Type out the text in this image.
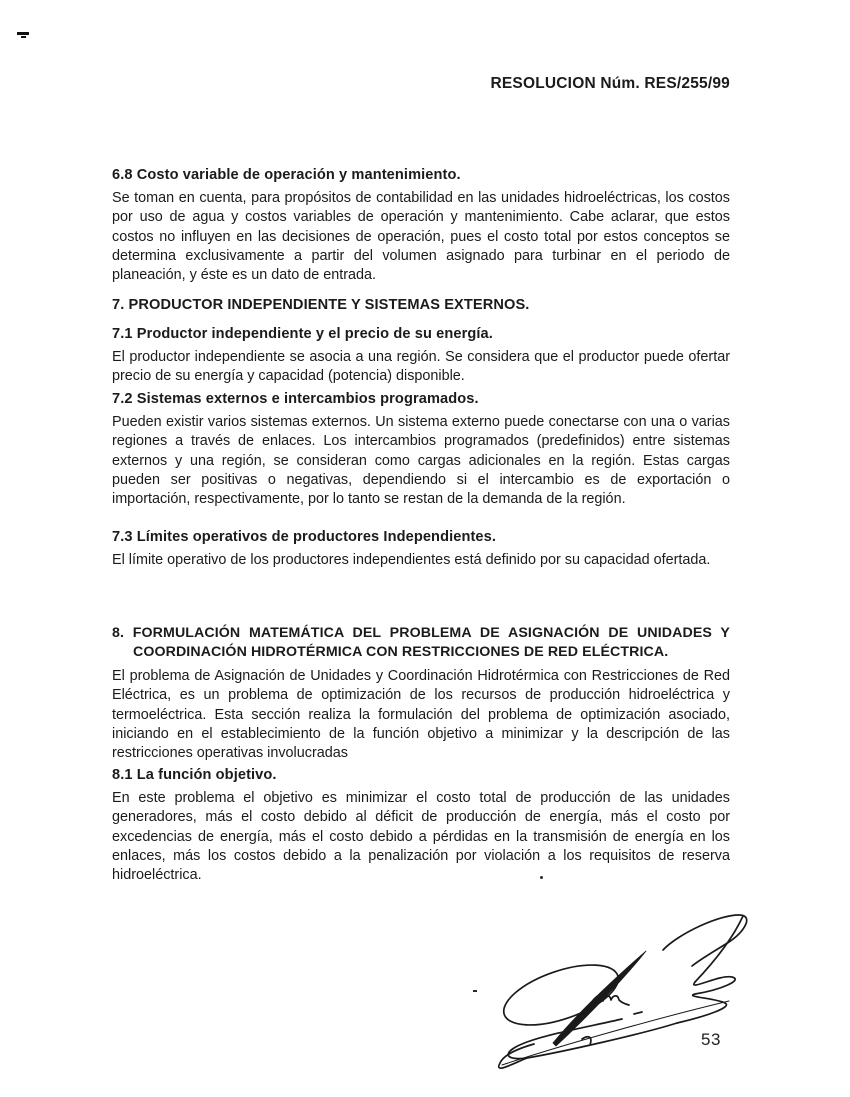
RESOLUCION Núm. RES/255/99
6.8 Costo variable de operación y mantenimiento.

Se toman en cuenta, para propósitos de contabilidad en las unidades hidroeléctricas, los costos por uso de agua y costos variables de operación y mantenimiento. Cabe aclarar, que estos costos no influyen en las decisiones de operación, pues el costo total por estos conceptos se determina exclusivamente a partir del volumen asignado para turbinar en el periodo de planeación, y éste es un dato de entrada.

7. PRODUCTOR INDEPENDIENTE Y SISTEMAS EXTERNOS.
7.1 Productor independiente y el precio de su energía.

El productor independiente se asocia a una región. Se considera que el productor puede ofertar precio de su energía y capacidad (potencia) disponible.

7.2 Sistemas externos e intercambios programados.

Pueden existir varios sistemas externos. Un sistema externo puede conectarse con una o varias regiones a través de enlaces. Los intercambios programados (predefinidos) entre sistemas externos y una región, se consideran como cargas adicionales en la región. Estas cargas pueden ser positivas o negativas, dependiendo si el intercambio es de exportación o importación, respectivamente, por lo tanto se restan de la demanda de la región.

7.3 Límites operativos de productores Independientes.

El límite operativo de los productores independientes está definido por su capacidad ofertada.

8. FORMULACIÓN MATEMÁTICA DEL PROBLEMA DE ASIGNACIÓN DE UNIDADES Y COORDINACIÓN HIDROTÉRMICA CON RESTRICCIONES DE RED ELÉCTRICA.

El problema de Asignación de Unidades y Coordinación Hidrotérmica con Restricciones de Red Eléctrica, es un problema de optimización de los recursos de producción hidroeléctrica y termoeléctrica. Esta sección realiza la formulación del problema de optimización asociado, iniciando en el establecimiento de la función objetivo a minimizar y la descripción de las restricciones operativas involucradas

8.1 La función objetivo.

En este problema el objetivo es minimizar el costo total de producción de las unidades generadores, más el costo debido al déficit de producción de energía, más el costo por excedencias de energía, más el costo debido a pérdidas en la transmisión de energía en los enlaces, más los costos debido a la penalización por violación a los requisitos de reserva hidroeléctrica.

53
